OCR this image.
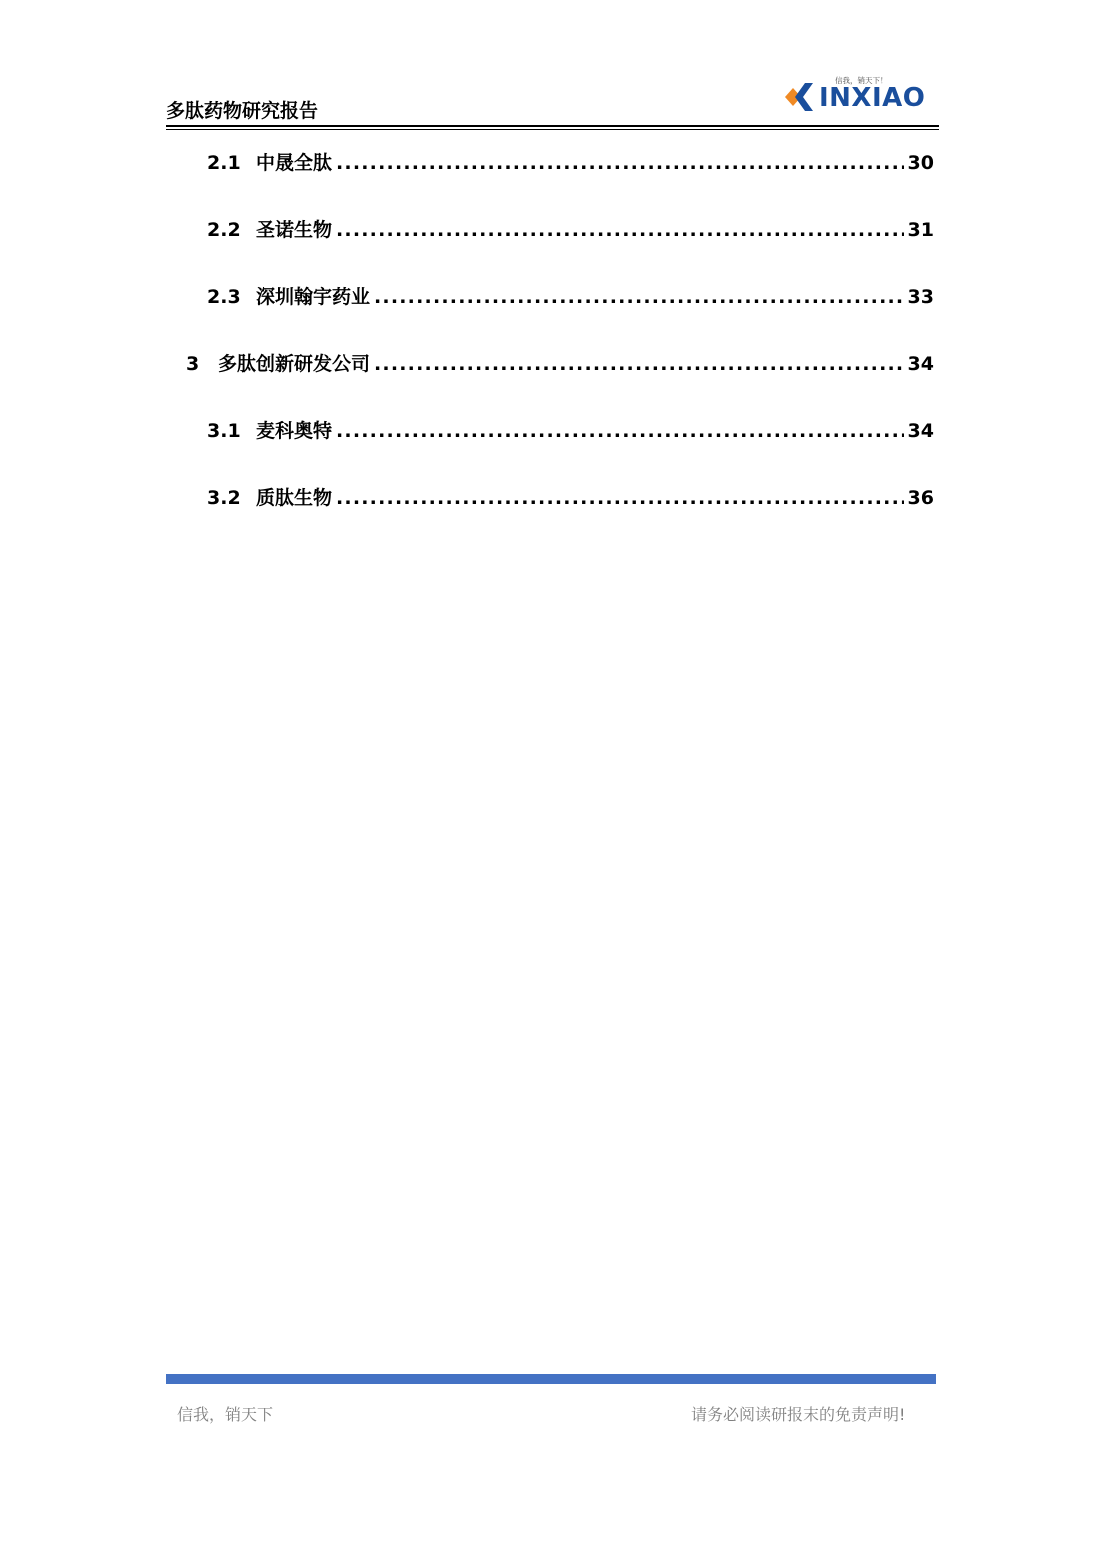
多肽药物研究报告
信我，销天下！
INXIAO
2.1 中晟全肽 .....	30
2.2 圣诺生物 .....	31
2.3 深圳翰宇药业 .....	33
3 多肽创新研发公司 .....	34
3.1 麦科奥特 .....	34
3.2 质肽生物 .....	36
信我，销天下	请务必阅读研报末的免责声明!
